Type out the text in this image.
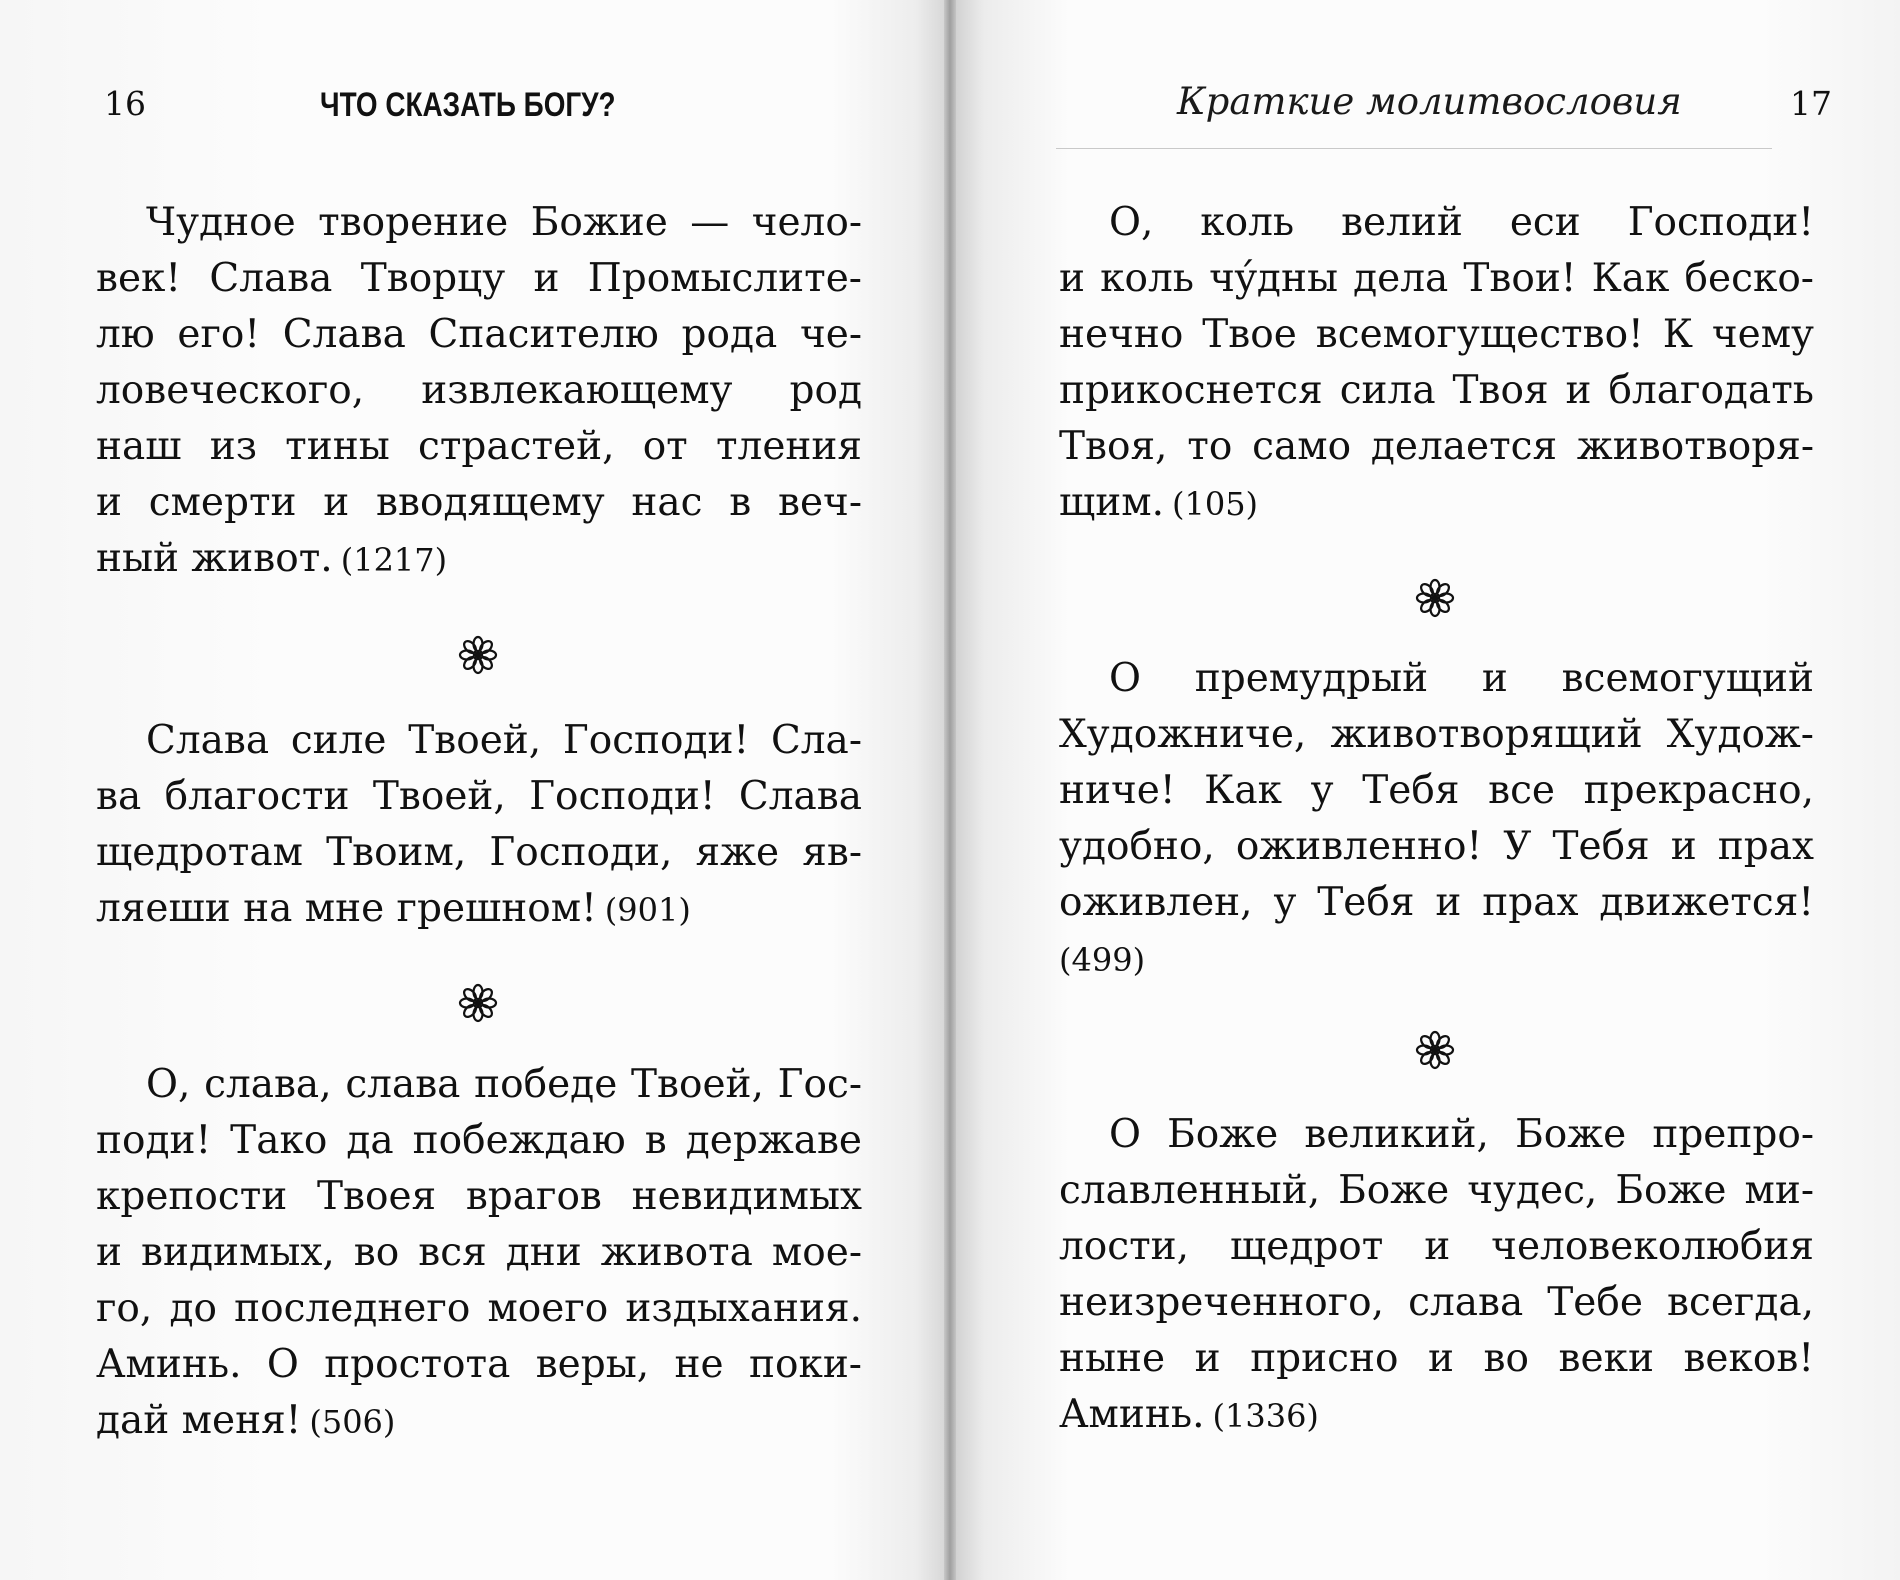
16	ЧТО СКАЗАТЬ БОГУ?
Чудное творение Божие — чело-
век! Слава Творцу и Промыслите-
лю его! Слава Спасителю рода че-
ловеческого, извлекающему род
наш из тины страстей, от тления
и смерти и вводящему нас в веч-
ный живот. (1217)
Слава силе Твоей, Господи! Сла-
ва благости Твоей, Господи! Слава
щедротам Твоим, Господи, яже яв-
ляеши на мне грешном! (901)
О, слава, слава победе Твоей, Гос-
поди! Тако да побеждаю в державе
крепости Твоея врагов невидимых
и видимых, во вся дни живота мое-
го, до последнего моего издыхания.
Аминь. О простота веры, не поки-
дай меня! (506)
Краткие молитвословия	17
О, коль велий еси Господи!
и коль чýдны дела Твои! Как беско-
нечно Твое всемогущество! К чему
прикоснется сила Твоя и благодать
Твоя, то само делается животворя-
щим. (105)
О премудрый и всемогущий
Художниче, животворящий Худож-
ниче! Как у Тебя все прекрасно,
удобно, оживленно! У Тебя и прах
оживлен, у Тебя и прах движется!
(499)
О Боже великий, Боже препро-
славленный, Боже чудес, Боже ми-
лости, щедрот и человеколюбия
неизреченного, слава Тебе всегда,
ныне и присно и во веки веков!
Аминь. (1336)
